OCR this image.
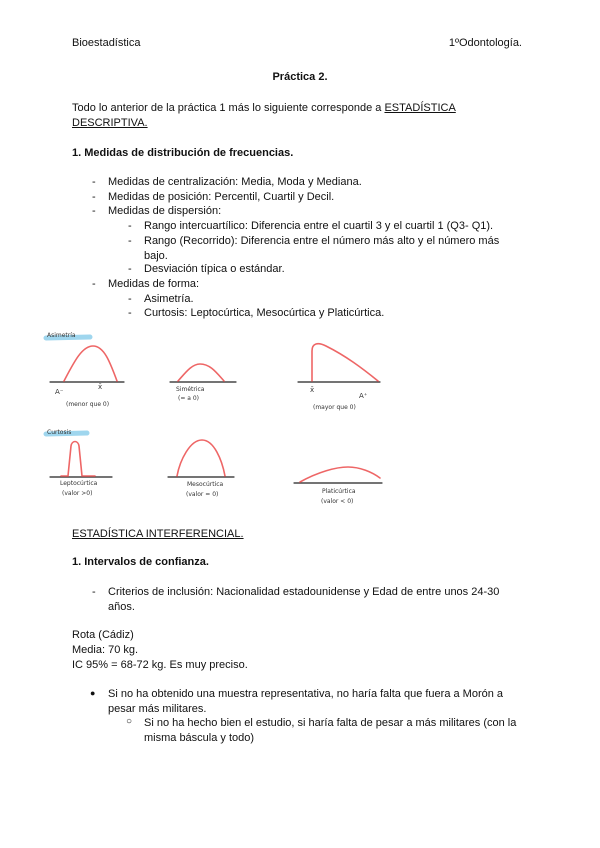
Bioestadística	1ºOdontología.
Práctica 2.
Todo lo anterior de la práctica 1 más lo siguiente corresponde a ESTADÍSTICA DESCRIPTIVA.
1. Medidas de distribución de frecuencias.
- Medidas de centralización: Media, Moda y Mediana.
- Medidas de posición: Percentil, Cuartil y Decil.
- Medidas de dispersión:
- Rango intercuartílico: Diferencia entre el cuartil 3 y el cuartil 1 (Q3- Q1).
- Rango (Recorrido): Diferencia entre el número más alto y el número más bajo.
- Desviación típica o estándar.
- Medidas de forma:
- Asimetría.
- Curtosis: Leptocúrtica, Mesocúrtica y Platicúrtica.
Asimetría
Curtosis
A⁻
x̄
(menor que 0)
Simétrica
(= a 0)
x̄
A⁺
(mayor que 0)
Leptocúrtica
(valor >0)
Mesocúrtica
(valor = 0)	Platicúrtica
(valor < 0)
ESTADÍSTICA INTERFERENCIAL.
1. Intervalos de confianza.
- Criterios de inclusión: Nacionalidad estadounidense y Edad de entre unos 24-30 años.
Rota (Cádiz)
Media: 70 kg.
IC 95% = 68-72 kg. Es muy preciso.
● Si no ha obtenido una muestra representativa, no haría falta que fuera a Morón a pesar más militares.
○ Si no ha hecho bien el estudio, si haría falta de pesar a más militares (con la misma báscula y todo)
